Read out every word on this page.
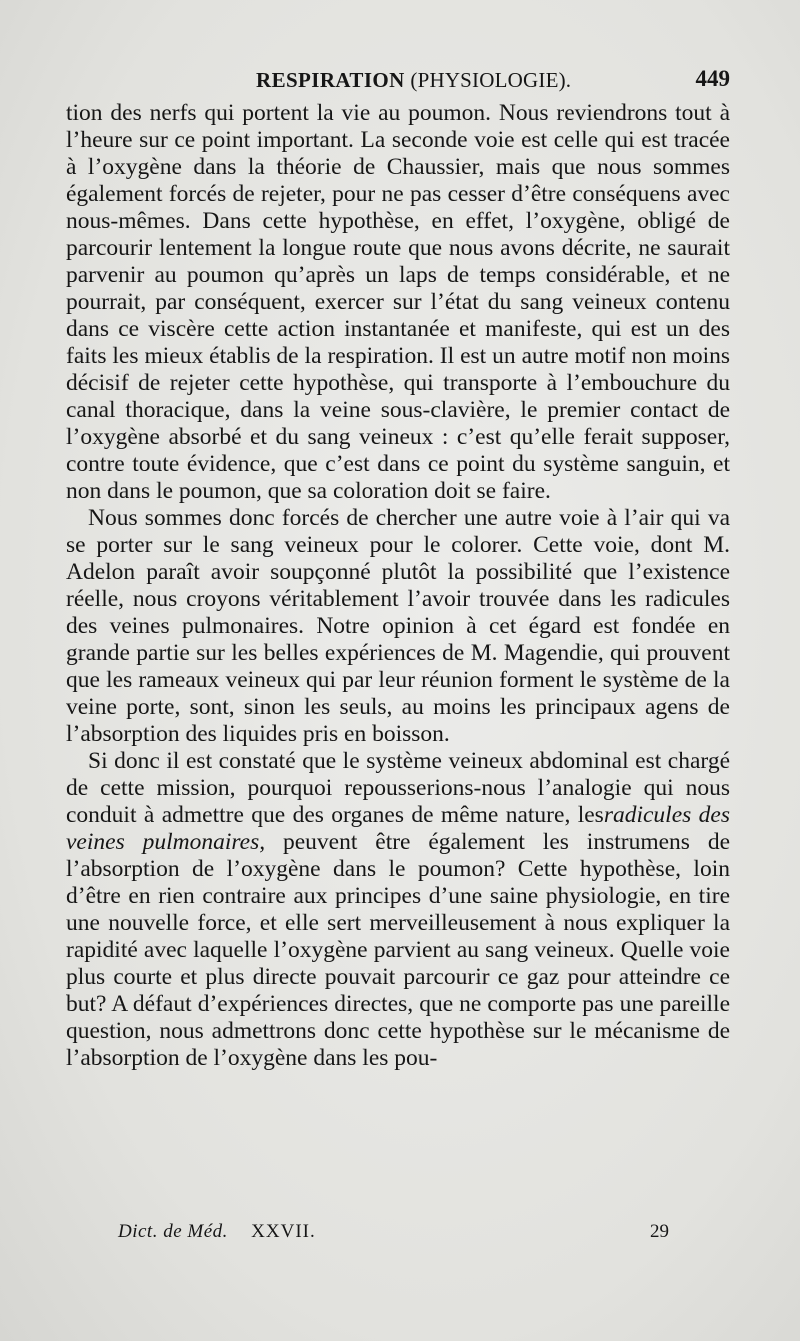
RESPIRATION (PHYSIOLOGIE).	449

tion des nerfs qui portent la vie au poumon. Nous reviendrons tout à l’heure sur ce point important. La seconde voie est celle qui est tracée à l’oxygène dans la théorie de Chaussier, mais que nous sommes également forcés de rejeter, pour ne pas cesser d’être conséquens avec nous-mêmes. Dans cette hypothèse, en effet, l’oxygène, obligé de parcourir lentement la longue route que nous avons décrite, ne saurait parvenir au poumon qu’après un laps de temps considérable, et ne pourrait, par conséquent, exercer sur l’état du sang veineux contenu dans ce viscère cette action instantanée et manifeste, qui est un des faits les mieux établis de la respiration. Il est un autre motif non moins décisif de rejeter cette hypothèse, qui transporte à l’embouchure du canal thoracique, dans la veine sous-clavière, le premier contact de l’oxygène absorbé et du sang veineux : c’est qu’elle ferait supposer, contre toute évidence, que c’est dans ce point du système sanguin, et non dans le poumon, que sa coloration doit se faire.

Nous sommes donc forcés de chercher une autre voie à l’air qui va se porter sur le sang veineux pour le colorer. Cette voie, dont M. Adelon paraît avoir soupçonné plutôt la possibilité que l’existence réelle, nous croyons véritablement l’avoir trouvée dans les radicules des veines pulmonaires. Notre opinion à cet égard est fondée en grande partie sur les belles expériences de M. Magendie, qui prouvent que les rameaux veineux qui par leur réunion forment le système de la veine porte, sont, sinon les seuls, au moins les principaux agens de l’absorption des liquides pris en boisson.

Si donc il est constaté que le système veineux abdominal est chargé de cette mission, pourquoi repousserions-nous l’analogie qui nous conduit à admettre que des organes de même nature, lesradicules des veines pulmonaires, peuvent être également les instrumens de l’absorption de l’oxygène dans le poumon? Cette hypothèse, loin d’être en rien contraire aux principes d’une saine physiologie, en tire une nouvelle force, et elle sert merveilleusement à nous expliquer la rapidité avec laquelle l’oxygène parvient au sang veineux. Quelle voie plus courte et plus directe pouvait parcourir ce gaz pour atteindre ce but? A défaut d’expériences directes, que ne comporte pas une pareille question, nous admettrons donc cette hypothèse sur le mécanisme de l’absorption de l’oxygène dans les pou-

Dict. de Méd. XXVII.	29
